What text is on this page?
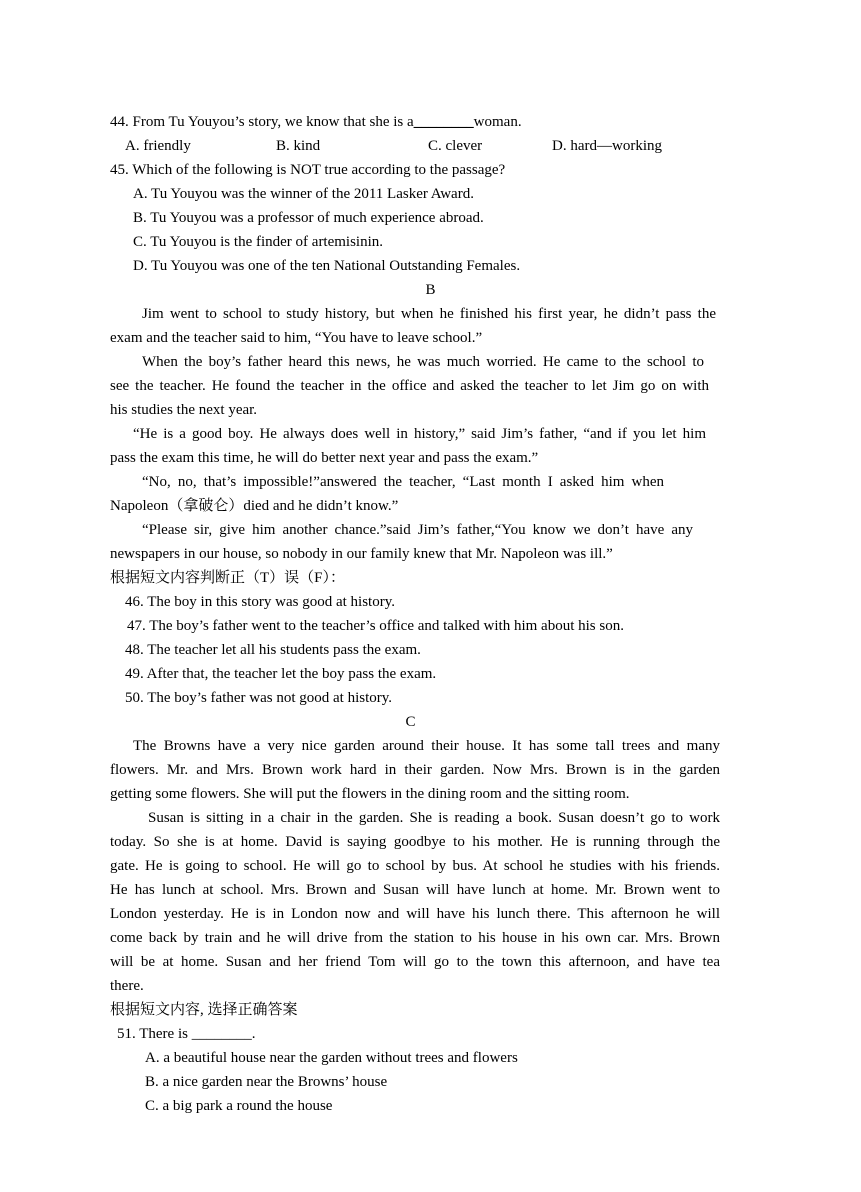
44. From Tu Youyou’s story, we know that she is a________woman.
A. friendly	B. kind	C. clever	D. hard—working
45. Which of the following is NOT true according to the passage?
A. Tu Youyou was the winner of the 2011 Lasker Award.
B. Tu Youyou was a professor of much experience abroad.
C. Tu Youyou is the finder of artemisinin.
D. Tu Youyou was one of the ten National Outstanding Females.
B
Jim went to school to study history, but when he finished his first year, he didn’t pass the
exam and the teacher said to him, “You have to leave school.”
When the boy’s father heard this news, he was much worried. He came to the school to
see the teacher. He found the teacher in the office and asked the teacher to let Jim go on with
his studies the next year.
“He is a good boy. He always does well in history,” said Jim’s father, “and if you let him
pass the exam this time, he will do better next year and pass the exam.”
“No, no, that’s impossible!”answered the teacher, “Last month I asked him when
Napoleon（拿破仑）died and he didn’t know.”
“Please sir, give him another chance.”said Jim’s father,“You know we don’t have any
newspapers in our house, so nobody in our family knew that Mr. Napoleon was ill.”
根据短文内容判断正（T）误（F）：
46. The boy in this story was good at history.
47. The boy’s father went to the teacher’s office and talked with him about his son.
48. The teacher let all his students pass the exam.
49. After that, the teacher let the boy pass the exam.
50. The boy’s father was not good at history.
C
The Browns have a very nice garden around their house. It has some tall trees and many
flowers. Mr. and Mrs. Brown work hard in their garden. Now Mrs. Brown is in the garden
getting some flowers. She will put the flowers in the dining room and the sitting room.
Susan is sitting in a chair in the garden. She is reading a book. Susan doesn’t go to work
today. So she is at home. David is saying goodbye to his mother. He is running through the
gate. He is going to school. He will go to school by bus. At school he studies with his friends.
He has lunch at school. Mrs. Brown and Susan will have lunch at home. Mr. Brown went to
London yesterday. He is in London now and will have his lunch there. This afternoon he will
come back by train and he will drive from the station to his house in his own car. Mrs. Brown
will be at home. Susan and her friend Tom will go to the town this afternoon, and have tea
there.
根据短文内容, 选择正确答案
51. There is ________.
A. a beautiful house near the garden without trees and flowers
B. a nice garden near the Browns’ house
C. a big park a round the house
